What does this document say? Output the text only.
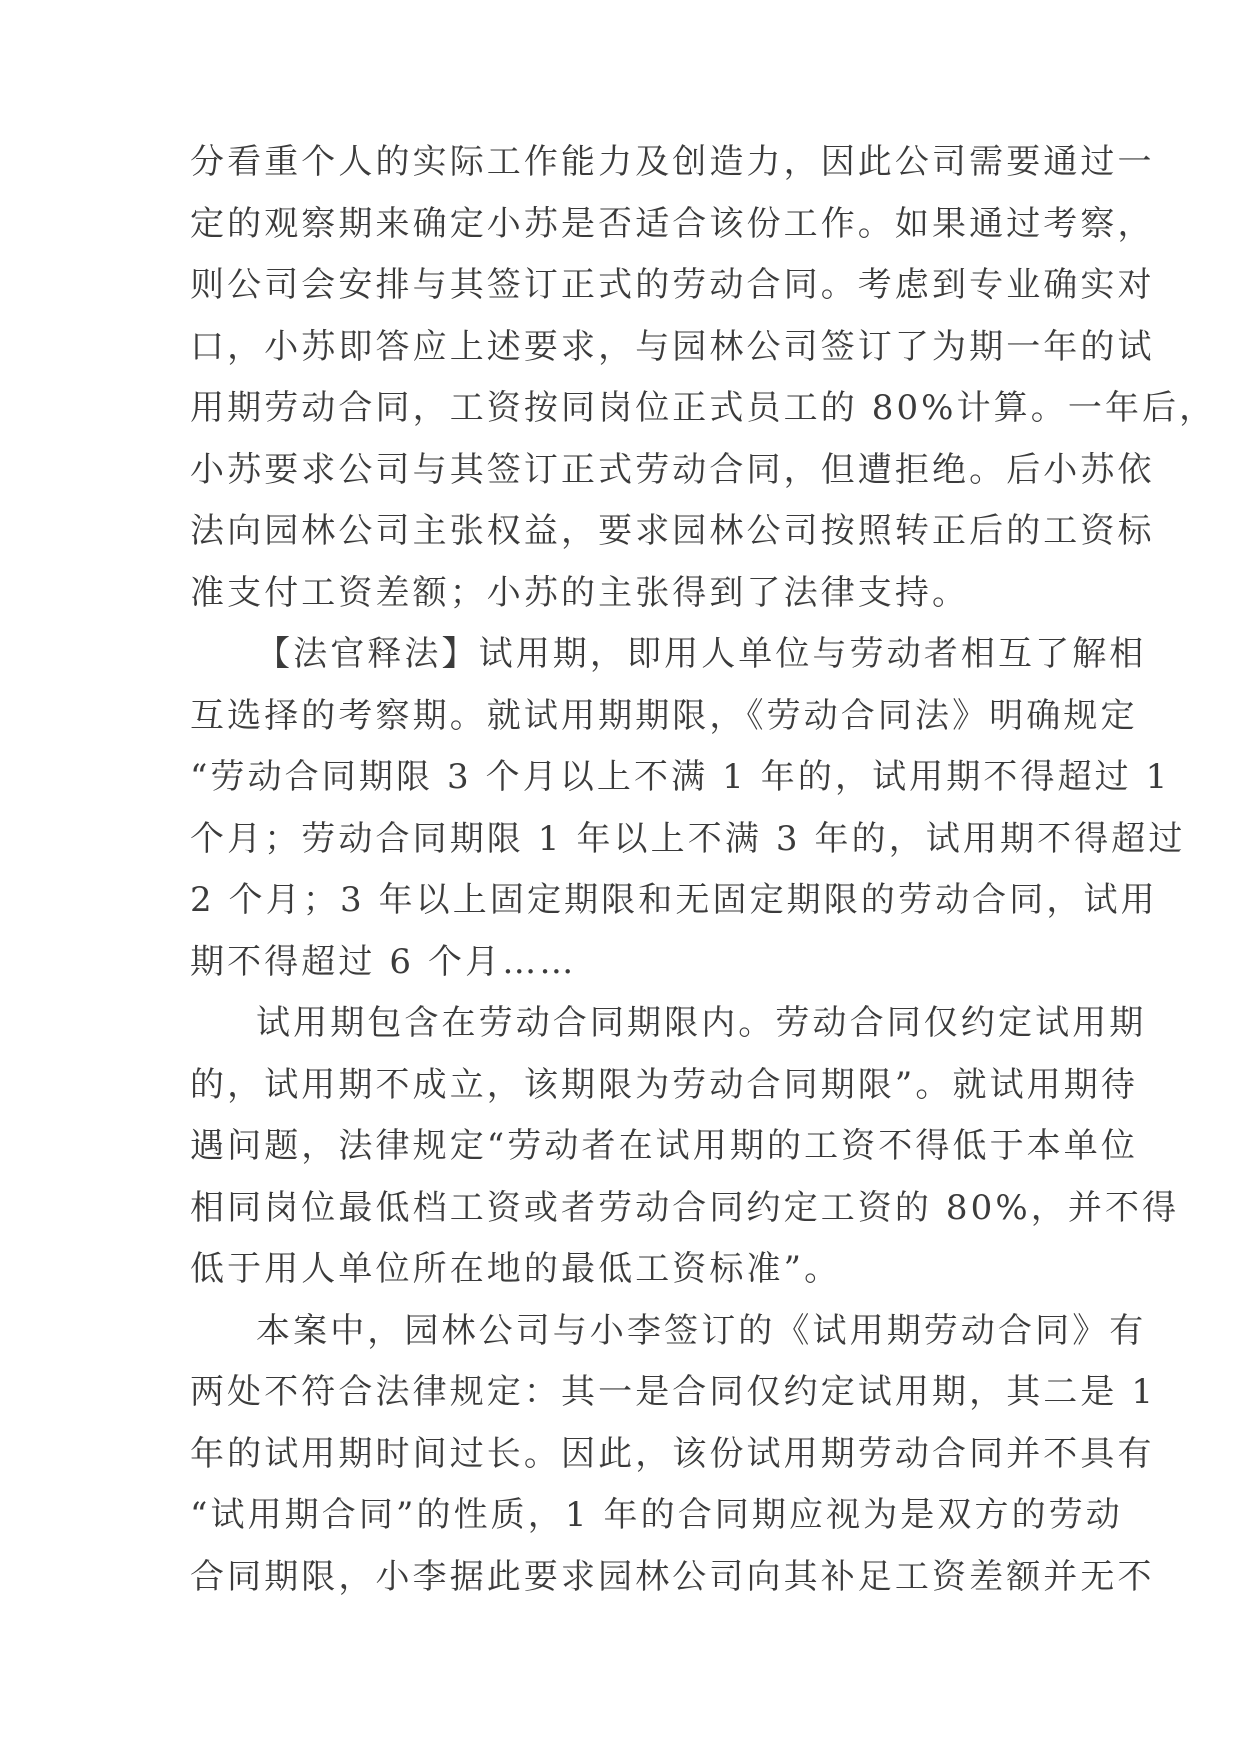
分看重个人的实际工作能力及创造力，因此公司需要通过一
定的观察期来确定小苏是否适合该份工作。如果通过考察，
则公司会安排与其签订正式的劳动合同。考虑到专业确实对
口，小苏即答应上述要求，与园林公司签订了为期一年的试
用期劳动合同，工资按同岗位正式员工的 80%计算。一年后，
小苏要求公司与其签订正式劳动合同，但遭拒绝。后小苏依
法向园林公司主张权益，要求园林公司按照转正后的工资标
准支付工资差额；小苏的主张得到了法律支持。
【法官释法】试用期，即用人单位与劳动者相互了解相
互选择的考察期。就试用期期限，《劳动合同法》明确规定
“劳动合同期限 3 个月以上不满 1 年的，试用期不得超过 1
个月；劳动合同期限 1 年以上不满 3 年的，试用期不得超过
2 个月；3 年以上固定期限和无固定期限的劳动合同，试用
期不得超过 6 个月……
试用期包含在劳动合同期限内。劳动合同仅约定试用期
的，试用期不成立，该期限为劳动合同期限”。就试用期待
遇问题，法律规定“劳动者在试用期的工资不得低于本单位
相同岗位最低档工资或者劳动合同约定工资的 80%，并不得
低于用人单位所在地的最低工资标准”。
本案中，园林公司与小李签订的《试用期劳动合同》有
两处不符合法律规定：其一是合同仅约定试用期，其二是 1
年的试用期时间过长。因此，该份试用期劳动合同并不具有
“试用期合同”的性质，1 年的合同期应视为是双方的劳动
合同期限，小李据此要求园林公司向其补足工资差额并无不
